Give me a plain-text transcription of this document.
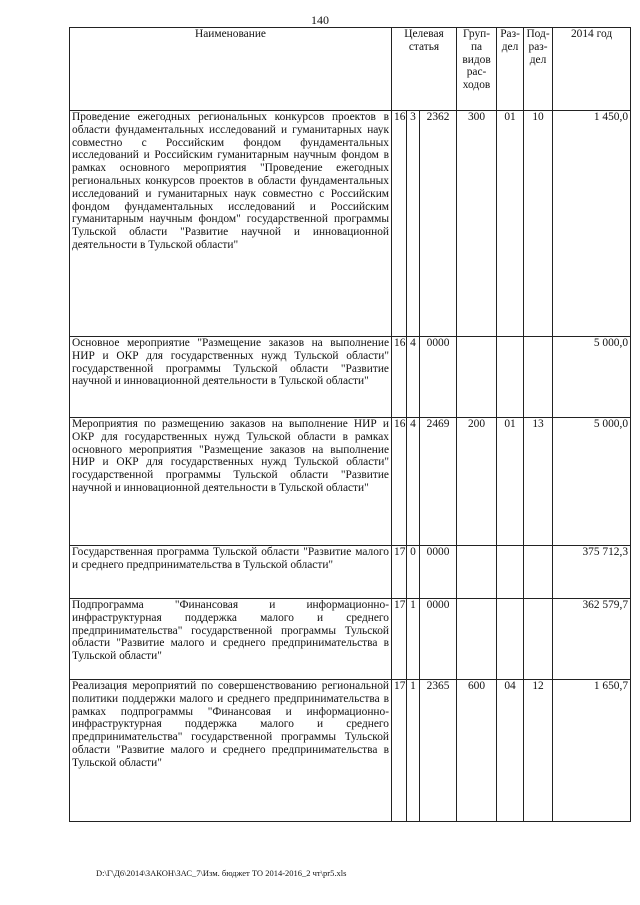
140
Наименование	Целевая статья			Груп-па видов рас-ходов	Раз-дел	Под-раз-дел	2014 год
Проведение ежегодных региональных конкурсов проектов в области фундаментальных исследований и гуманитарных наук совместно с Российским фондом фундаментальных исследований и Российским гуманитарным научным фондом в рамках основного мероприятия "Проведение ежегодных региональных конкурсов проектов в области фундаментальных исследований и гуманитарных наук совместно с Российским фондом фундаментальных исследований и Российским гуманитарным научным фондом" государственной программы Тульской области "Развитие научной и инновационной деятельности в Тульской области"	16	3	2362	300	01	10	1 450,0
Основное мероприятие "Размещение заказов на выполнение НИР и ОКР для государственных нужд Тульской области" государственной программы Тульской области "Развитие научной и инновационной деятельности в Тульской области"	16	4	0000				5 000,0
Мероприятия по размещению заказов на выполнение НИР и ОКР для государственных нужд Тульской области в рамках основного мероприятия "Размещение заказов на выполнение НИР и ОКР для государственных нужд Тульской области" государственной программы Тульской области "Развитие научной и инновационной деятельности в Тульской области"	16	4	2469	200	01	13	5 000,0
Государственная программа Тульской области "Развитие малого и среднего предпринимательства в Тульской области"	17	0	0000				375 712,3
Подпрограмма "Финансовая и информационно-инфраструктурная поддержка малого и среднего предпринимательства" государственной программы Тульской области "Развитие малого и среднего предпринимательства в Тульской области"	17	1	0000				362 579,7
Реализация мероприятий по совершенствованию региональной политики поддержки малого и среднего предпринимательства в рамках подпрограммы "Финансовая и информационно-инфраструктурная поддержка малого и среднего предпринимательства" государственной программы Тульской области "Развитие малого и среднего предпринимательства в Тульской области"	17	1	2365	600	04	12	1 650,7
D:\Г\Д6\2014\ЗАКОН\ЗАС_7\Изм. бюджет ТО 2014-2016_2 чт\pr5.xls
